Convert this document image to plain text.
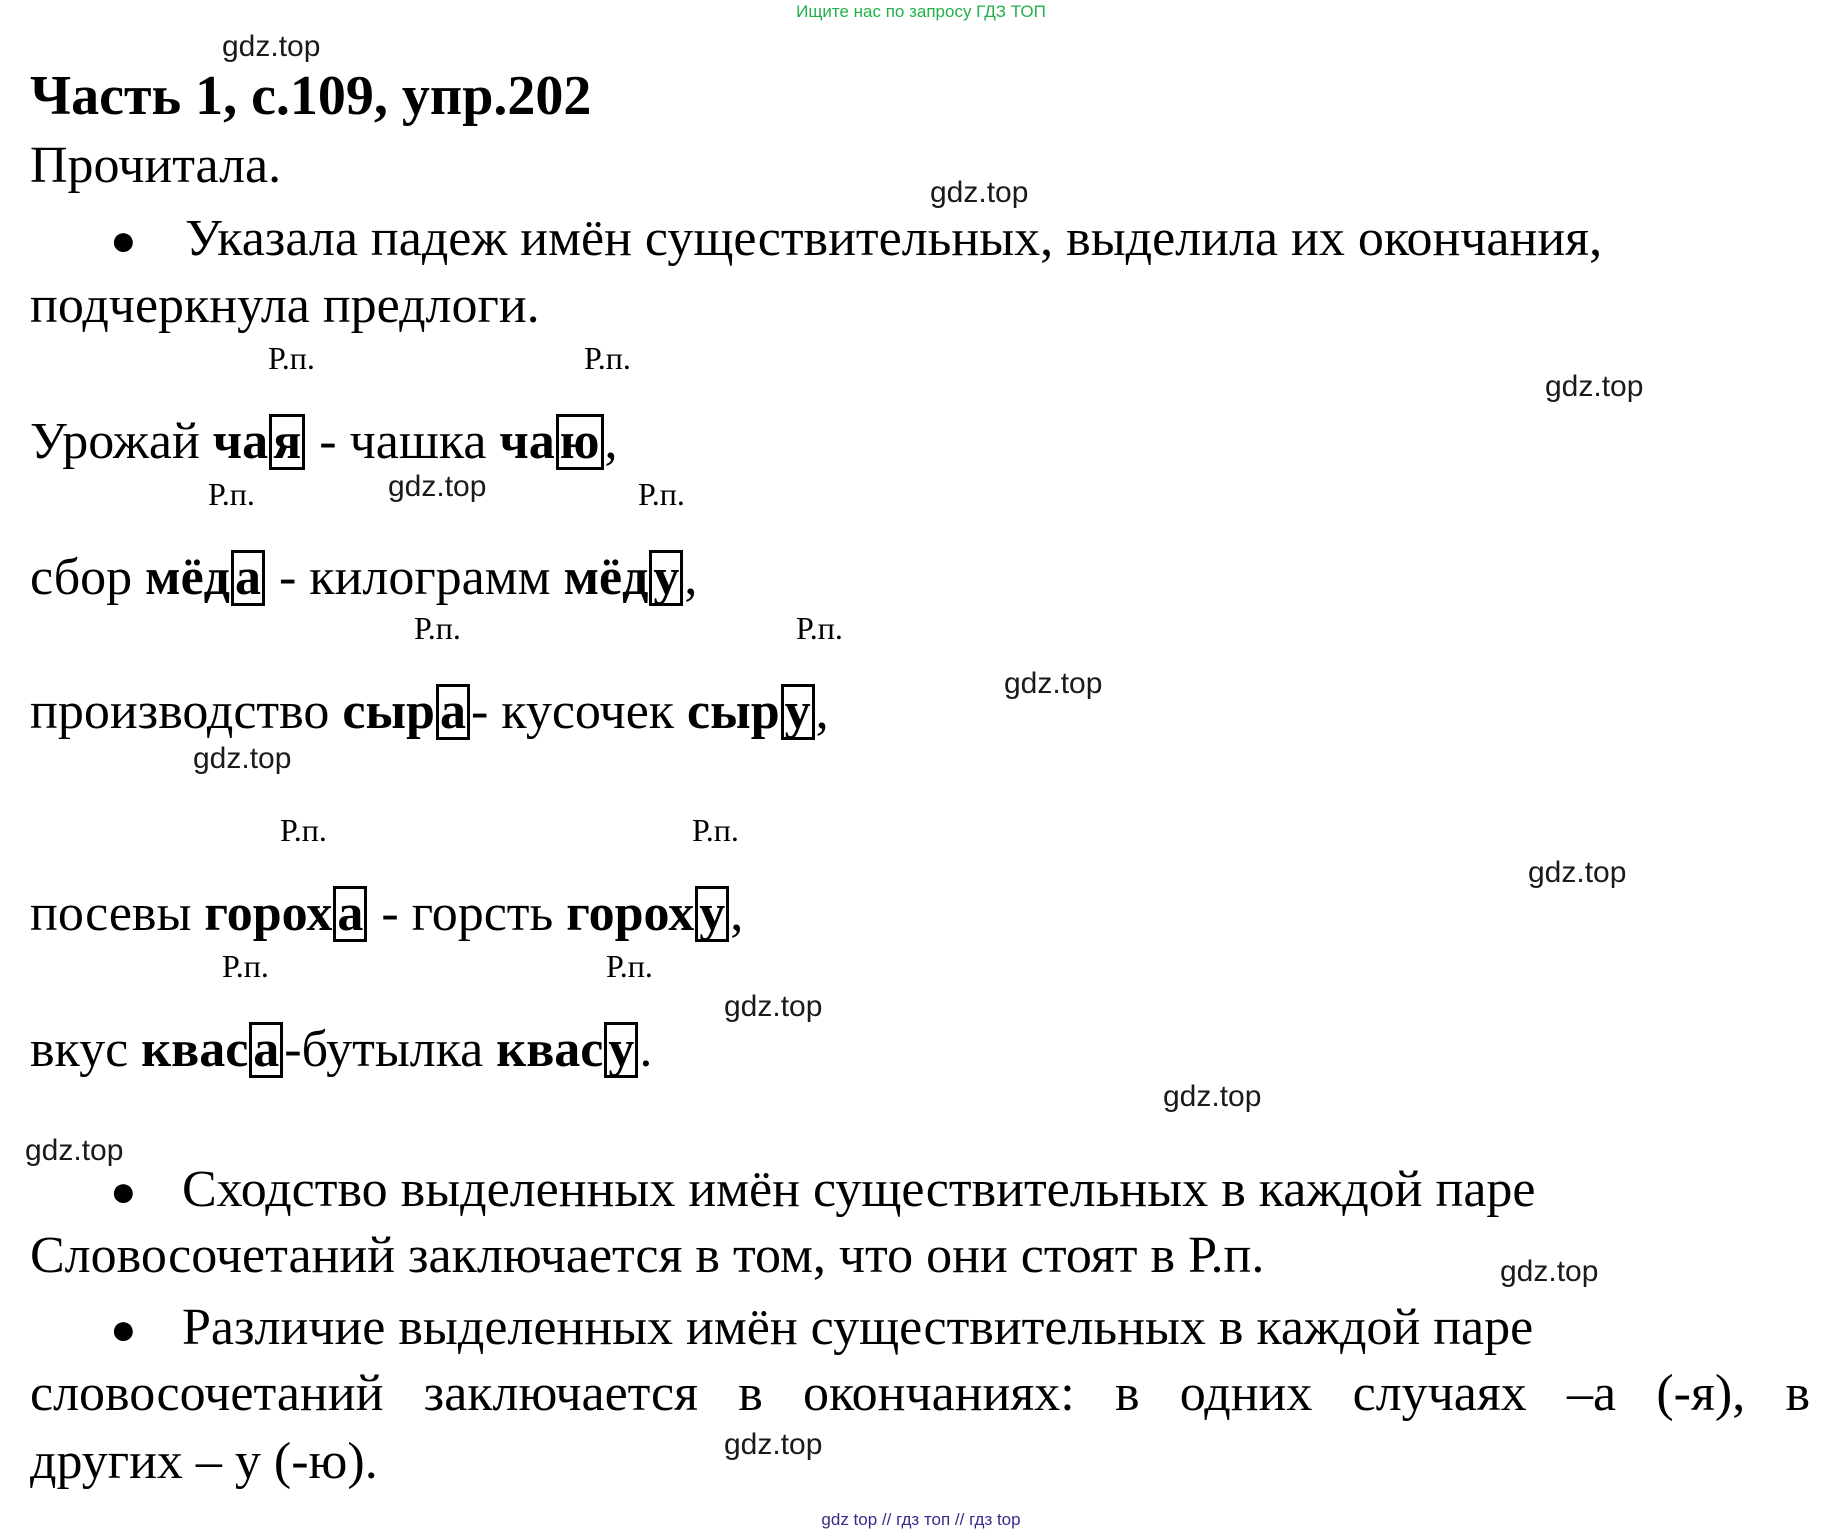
Ищите нас по запросу ГДЗ ТОП
gdz.top
gdz.top
gdz.top
gdz.top
gdz.top
gdz.top
gdz.top
gdz.top
gdz.top
gdz.top
gdz.top
gdz.top
Часть 1, с.109, упр.202
Прочитала.
● Указала падеж имён существительных, выделила их окончания,
подчеркнула предлоги.
Р.п.	Р.п.
Урожай чая - чашка чаю,
Р.п.	Р.п.
сбор мёда - килограмм мёду,
Р.п.	Р.п.
производство сыра- кусочек сыру,
Р.п.	Р.п.
посевы гороха - горсть гороху,
Р.п.	Р.п.
вкус кваса-бутылка квасу.
● Сходство выделенных имён существительных в каждой паре
Словосочетаний заключается в том, что они стоят в Р.п.
● Различие выделенных имён существительных в каждой паре
словосочетаний заключается в окончаниях: в одних случаях –а (-я), в
других – у (-ю).
gdz top // гдз топ // гдз top
